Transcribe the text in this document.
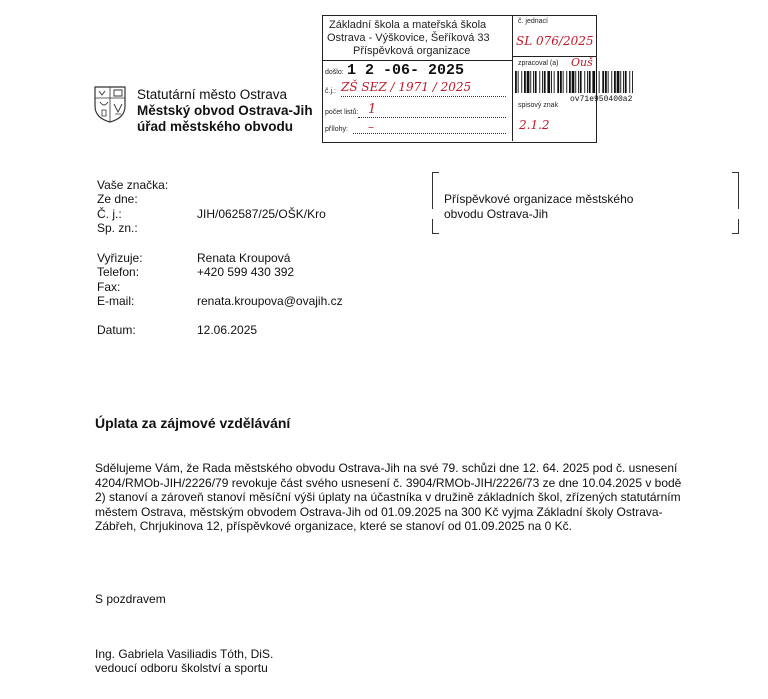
Statutární město Ostrava
Městský obvod Ostrava-Jih
úřad městského obvodu
Základní škola a mateřská škola
Ostrava - Výškovice, Šeříková 33
Příspěvková organizace
došlo: 1 2 -06- 2025
č.j.: ZŠ SEZ / 1971 / 2025
počet listů: 1
přílohy: –
č. jednací
SL 076/2025
zpracoval (a) Ouš
spisový znak
2.1.2
ov71e950400a2
Vaše značka:
Ze dne:
Č. j.:
Sp. zn.:
Vyřizuje:
Telefon:
Fax:
E-mail:
Datum:
JIH/062587/25/OŠK/Kro
Renata Kroupová
+420 599 430 392
renata.kroupova@ovajih.cz
12.06.2025
Příspěvkové organizace městského
obvodu Ostrava-Jih
Úplata za zájmové vzdělávání
Sdělujeme Vám, že Rada městského obvodu Ostrava-Jih na své 79. schůzi dne 12. 64. 2025 pod č. usnesení
4204/RMOb-JIH/2226/79 revokuje část svého usnesení č. 3904/RMOb-JIH/2226/73 ze dne 10.04.2025 v bodě
2) stanoví a zároveň stanoví měsíční výši úplaty na účastníka v družině základních škol, zřízených statutárním
městem Ostrava, městským obvodem Ostrava-Jih od 01.09.2025 na 300 Kč vyjma Základní školy Ostrava-
Zábřeh, Chrjukinova 12, příspěvkové organizace, které se stanoví od 01.09.2025 na 0 Kč.
S pozdravem
Ing. Gabriela Vasiliadis Tóth, DiS.
vedoucí odboru školství a sportu
